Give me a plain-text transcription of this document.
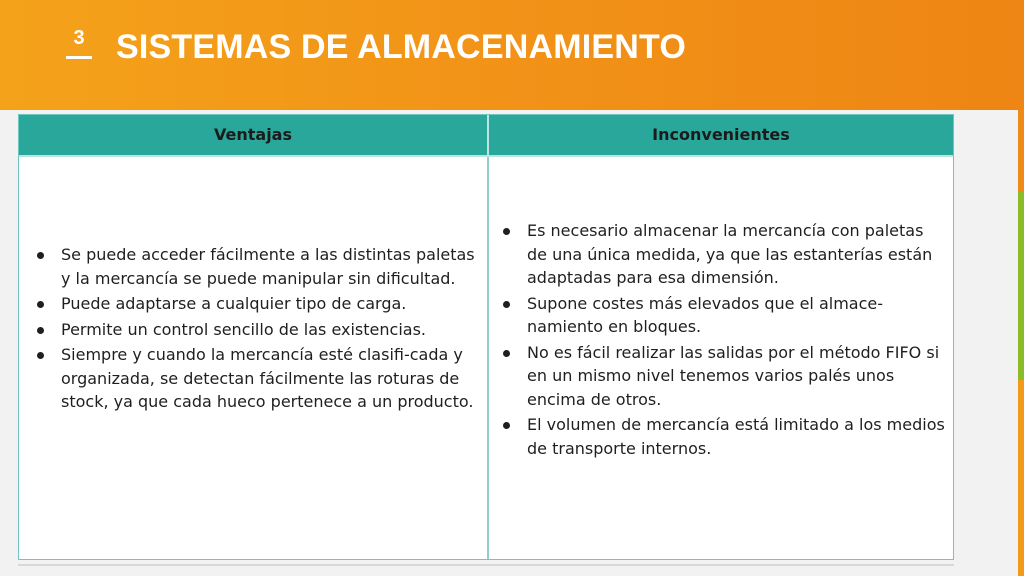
3 SISTEMAS DE ALMACENAMIENTO
Ventajas	Inconvenientes
Se puede acceder fácilmente a las distintas paletas y la mercancía se puede manipular sin dificultad.
Puede adaptarse a cualquier tipo de carga.
Permite un control sencillo de las existencias.
Siempre y cuando la mercancía esté clasifi-cada y organizada, se detectan fácilmente las roturas de stock, ya que cada hueco pertenece a un producto.
Es necesario almacenar la mercancía con paletas de una única medida, ya que las estanterías están adaptadas para esa dimensión.
Supone costes más elevados que el almace-namiento en bloques.
No es fácil realizar las salidas por el método FIFO si en un mismo nivel tenemos varios palés unos encima de otros.
El volumen de mercancía está limitado a los medios de transporte internos.
